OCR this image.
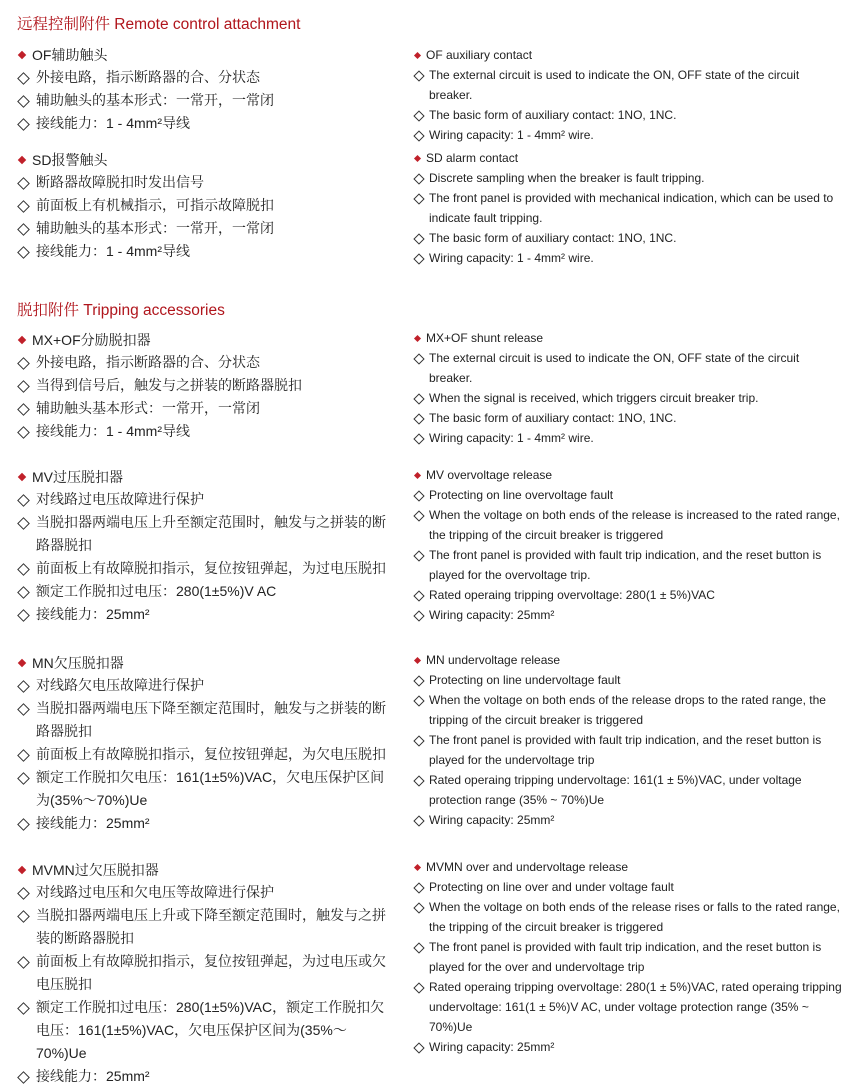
远程控制附件 Remote control attachment
脱扣附件 Tripping accessories
OF辅助触头
外接电路，指示断路器的合、分状态
辅助触头的基本形式：一常开，一常闭
接线能力：1 - 4mm²导线
OF auxiliary contact
The external circuit is used to indicate the ON, OFF state of the circuit breaker.
The basic form of auxiliary contact: 1NO, 1NC.
Wiring capacity: 1 - 4mm² wire.
SD报警触头
断路器故障脱扣时发出信号
前面板上有机械指示，可指示故障脱扣
辅助触头的基本形式：一常开，一常闭
接线能力：1 - 4mm²导线
SD alarm contact
Discrete sampling when the breaker is fault tripping.
The front panel is provided with mechanical indication, which can be used to indicate fault tripping.
The basic form of auxiliary contact: 1NO, 1NC.
Wiring capacity: 1 - 4mm² wire.
MX+OF分励脱扣器
外接电路，指示断路器的合、分状态
当得到信号后，触发与之拼装的断路器脱扣
辅助触头基本形式：一常开，一常闭
接线能力：1 - 4mm²导线
MX+OF shunt release
The external circuit is used to indicate the ON, OFF state of the circuit breaker.
When the signal is received, which triggers circuit breaker trip.
The basic form of auxiliary contact: 1NO, 1NC.
Wiring capacity: 1 - 4mm² wire.
MV过压脱扣器
对线路过电压故障进行保护
当脱扣器两端电压上升至额定范围时，触发与之拼装的断路器脱扣
前面板上有故障脱扣指示，复位按钮弹起，为过电压脱扣
额定工作脱扣过电压：280(1±5%)V AC
接线能力：25mm²
MV overvoltage release
Protecting on line overvoltage fault
When the voltage on both ends of the release is increased to the rated range, the tripping of the circuit breaker is triggered
The front panel is provided with fault trip indication, and the reset button is played for the overvoltage trip.
Rated operaing tripping overvoltage: 280(1 ± 5%)VAC
Wiring capacity: 25mm²
MN欠压脱扣器
对线路欠电压故障进行保护
当脱扣器两端电压下降至额定范围时，触发与之拼装的断路器脱扣
前面板上有故障脱扣指示，复位按钮弹起，为欠电压脱扣
额定工作脱扣欠电压：161(1±5%)VAC，欠电压保护区间为(35%～70%)Ue
接线能力：25mm²
MN undervoltage release
Protecting on line undervoltage fault
When the voltage on both ends of the release drops to the rated range, the tripping of the circuit breaker is triggered
The front panel is provided with fault trip indication, and the reset button is played for the undervoltage trip
Rated operaing tripping undervoltage: 161(1 ± 5%)VAC, under voltage protection range (35% ~ 70%)Ue
Wiring capacity: 25mm²
MVMN过欠压脱扣器
对线路过电压和欠电压等故障进行保护
当脱扣器两端电压上升或下降至额定范围时，触发与之拼装的断路器脱扣
前面板上有故障脱扣指示，复位按钮弹起，为过电压或欠电压脱扣
额定工作脱扣过电压：280(1±5%)VAC，额定工作脱扣欠电压：161(1±5%)VAC，欠电压保护区间为(35%～70%)Ue
接线能力：25mm²
MVMN over and undervoltage release
Protecting on line over and under voltage fault
When the voltage on both ends of the release rises or falls to the rated range, the tripping of the circuit breaker is triggered
The front panel is provided with fault trip indication, and the reset button is played for the over and undervoltage trip
Rated operaing tripping overvoltage: 280(1 ± 5%)VAC, rated operaing tripping undervoltage: 161(1 ± 5%)V AC, under voltage protection range (35% ~ 70%)Ue
Wiring capacity: 25mm²
